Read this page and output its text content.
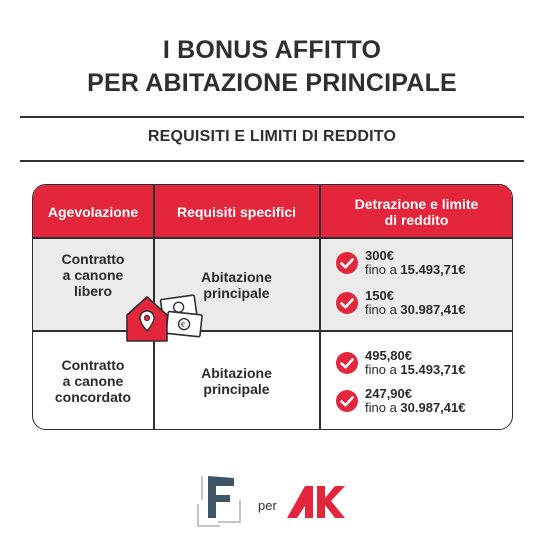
I BONUS AFFITTO
PER ABITAZIONE PRINCIPALE
REQUISITI E LIMITI DI REDDITO
Agevolazione	Requisiti specifici	Detrazione e limite
di reddito
Contratto
a canone
libero
Abitazione
principale
300€
fino a 15.493,71€
150€
fino a 30.987,41€
€
Contratto
a canone
concordato
Abitazione
principale
495,80€
fino a 15.493,71€
247,90€
fino a 30.987,41€
per
